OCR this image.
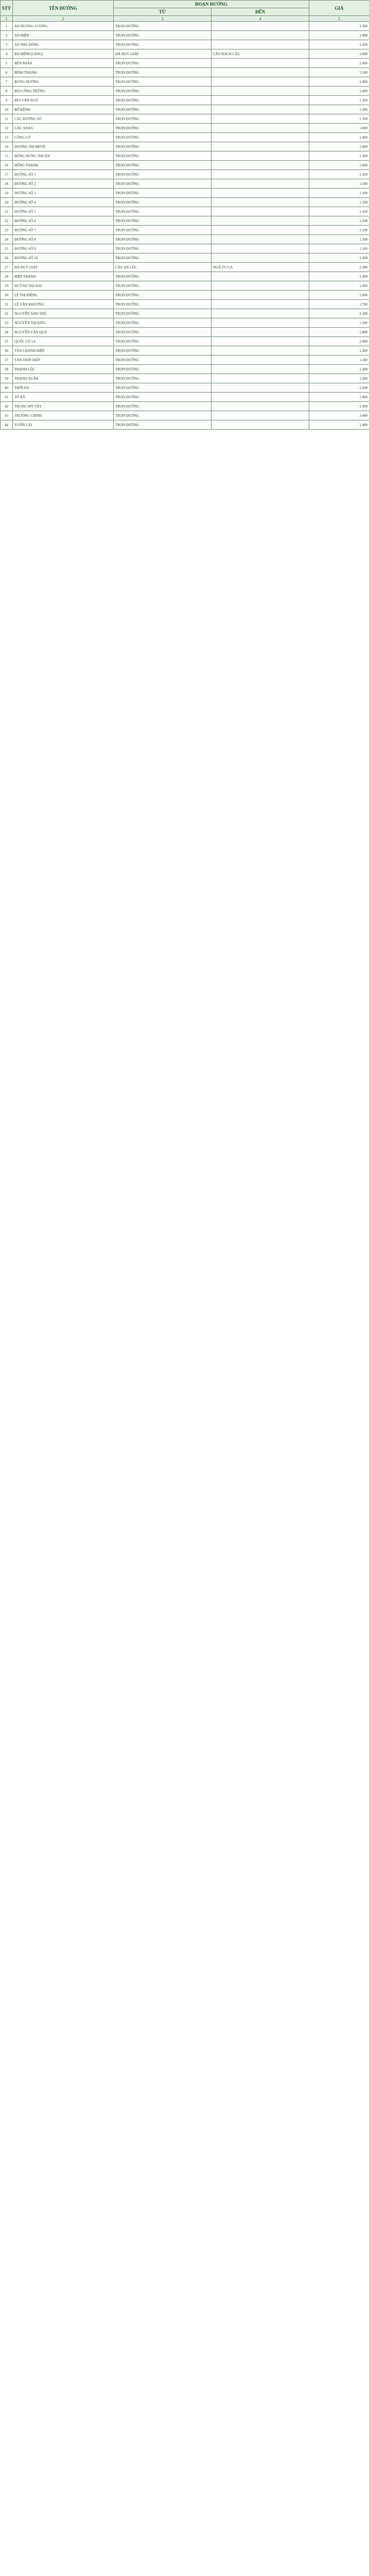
STT	TÊN ĐƯỜNG	ĐOẠN ĐƯỜNG		GIÁ
		TỪ	ĐẾN	
1	2	3	4	5
1	AN DƯƠNG VƯƠNG	TRỌN ĐƯỜNG		3.300
2	AN ĐIỀN	TRỌN ĐƯỜNG		1.400
3	AN PHÚ ĐÔNG	TRỌN ĐƯỜNG		1.100
4	BÀ ĐIỂM (LANG)	HÀ HUY GIÁP	CẦU RẠCH CẦU	1.600
5	BẾN PHÂN	TRỌN ĐƯỜNG		2.000
6	BÌNH THÀNH	TRỌN ĐƯỜNG		1.100
7	BƯNG ĐƯỜNG	TRỌN ĐƯỜNG		1.000
8	BÙI CÔNG TRỪNG	TRỌN ĐƯỜNG		1.400
9	BÙI VĂN NGỮ	TRỌN ĐƯỜNG		1.300
10	BỜ KÊNH	TRỌN ĐƯỜNG		1.200
11	CÁC ĐƯỜNG SỐ	TRỌN ĐƯỜNG		1.100
12	CẦU XÁNG	TRỌN ĐƯỜNG		1.000
13	CÔNG LỞ	TRỌN ĐƯỜNG		1.400
14	DƯƠNG THỊ MƯỜI	TRỌN ĐƯỜNG		1.900
15	ĐÔNG HƯNG THUẬN	TRỌN ĐƯỜNG		1.300
16	ĐÔNG THẠNH	TRỌN ĐƯỜNG		1.000
17	ĐƯỜNG SỐ 1	TRỌN ĐƯỜNG		1.100
18	ĐƯỜNG SỐ 2	TRỌN ĐƯỜNG		1.100
19	ĐƯỜNG SỐ 3	TRỌN ĐƯỜNG		1.100
20	ĐƯỜNG SỐ 4	TRỌN ĐƯỜNG		1.100
21	ĐƯỜNG SỐ 5	TRỌN ĐƯỜNG		1.100
22	ĐƯỜNG SỐ 6	TRỌN ĐƯỜNG		1.100
23	ĐƯỜNG SỐ 7	TRỌN ĐƯỜNG		1.100
24	ĐƯỜNG SỐ 8	TRỌN ĐƯỜNG		1.100
25	ĐƯỜNG SỐ 9	TRỌN ĐƯỜNG		1.100
26	ĐƯỜNG SỐ 10	TRỌN ĐƯỜNG		1.100
27	HÀ HUY GIÁP	CẦU AN LỘC	NGÃ TƯ GA	2.300
28	HIỆP THÀNH	TRỌN ĐƯỜNG		1.300
29	HUỲNH THỊ HAI	TRỌN ĐƯỜNG		1.400
30	LÊ THỊ RIÊNG	TRỌN ĐƯỜNG		1.600
31	LÊ VĂN KHƯƠNG	TRỌN ĐƯỜNG		1.700
32	NGUYỄN ẢNH THỦ	TRỌN ĐƯỜNG		2.100
33	NGUYỄN THỊ KIỂU	TRỌN ĐƯỜNG		1.500
34	NGUYỄN VĂN QUÁ	TRỌN ĐƯỜNG		1.800
35	QUỐC LỘ 1A	TRỌN ĐƯỜNG		2.000
36	TÂN CHÁNH HIỆP	TRỌN ĐƯỜNG		1.300
37	TÂN THỚI HIỆP	TRỌN ĐƯỜNG		1.300
38	THẠNH LỘC	TRỌN ĐƯỜNG		1.200
39	THẠNH XUÂN	TRỌN ĐƯỜNG		1.200
40	THỚI AN	TRỌN ĐƯỜNG		1.200
41	TÔ KÝ	TRỌN ĐƯỜNG		1.900
42	TRUNG MỸ TÂY	TRỌN ĐƯỜNG		1.300
43	TRƯỜNG CHINH	TRỌN ĐƯỜNG		3.000
44	VƯỜN LÀI	TRỌN ĐƯỜNG		1.400
